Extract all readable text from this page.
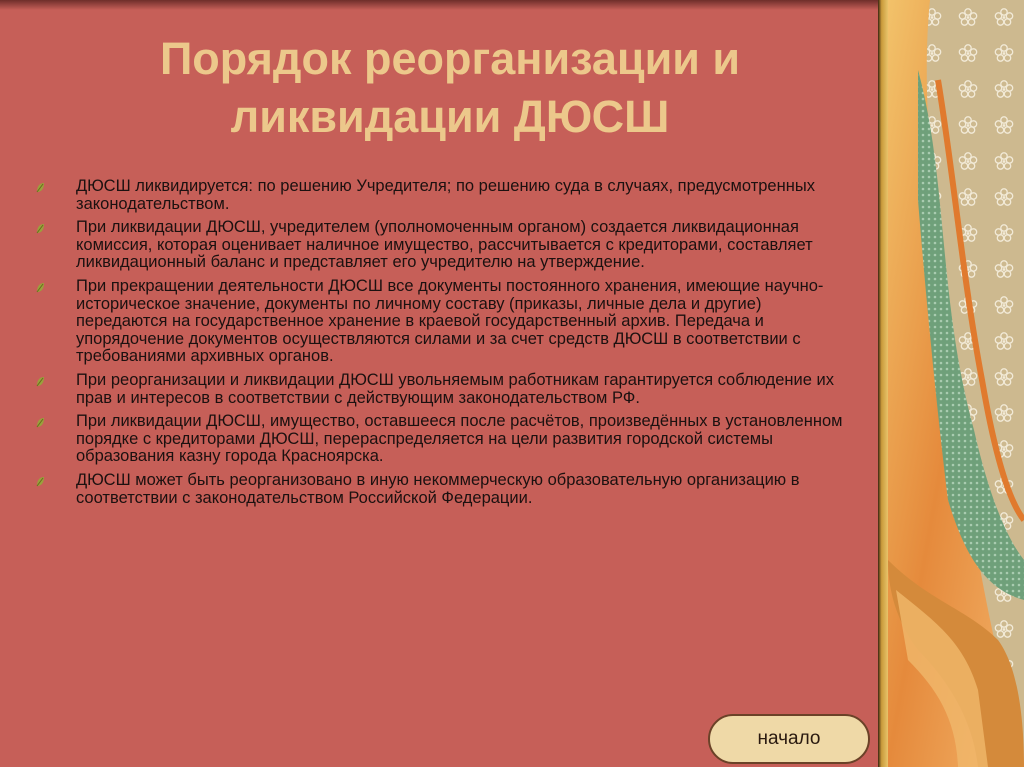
Порядок реорганизации и
ликвидации ДЮСШ
ДЮСШ ликвидируется: по решению Учредителя; по решению суда в случаях, предусмотренных законодательством.
При ликвидации ДЮСШ, учредителем (уполномоченным органом) создается ликвидационная комиссия, которая оценивает наличное имущество, рассчитывается с кредиторами, составляет ликвидационный баланс и представляет его учредителю на утверждение.
При прекращении деятельности ДЮСШ все документы постоянного хранения, имеющие научно-историческое значение, документы по личному составу (приказы, личные дела и другие) передаются на государственное хранение в краевой государственный архив. Передача и упорядочение документов осуществляются силами и за счет средств ДЮСШ в соответствии с требованиями архивных органов.
При реорганизации и ликвидации ДЮСШ увольняемым работникам гарантируется соблюдение их прав и интересов в соответствии с действующим законодательством РФ.
При ликвидации ДЮСШ, имущество, оставшееся после расчётов, произведённых в установленном порядке с кредиторами ДЮСШ, перераспределяется на цели развития городской системы образования казну города Красноярска.
ДЮСШ может быть реорганизовано в иную некоммерческую образовательную организацию в соответствии с законодательством Российской Федерации.
начало
